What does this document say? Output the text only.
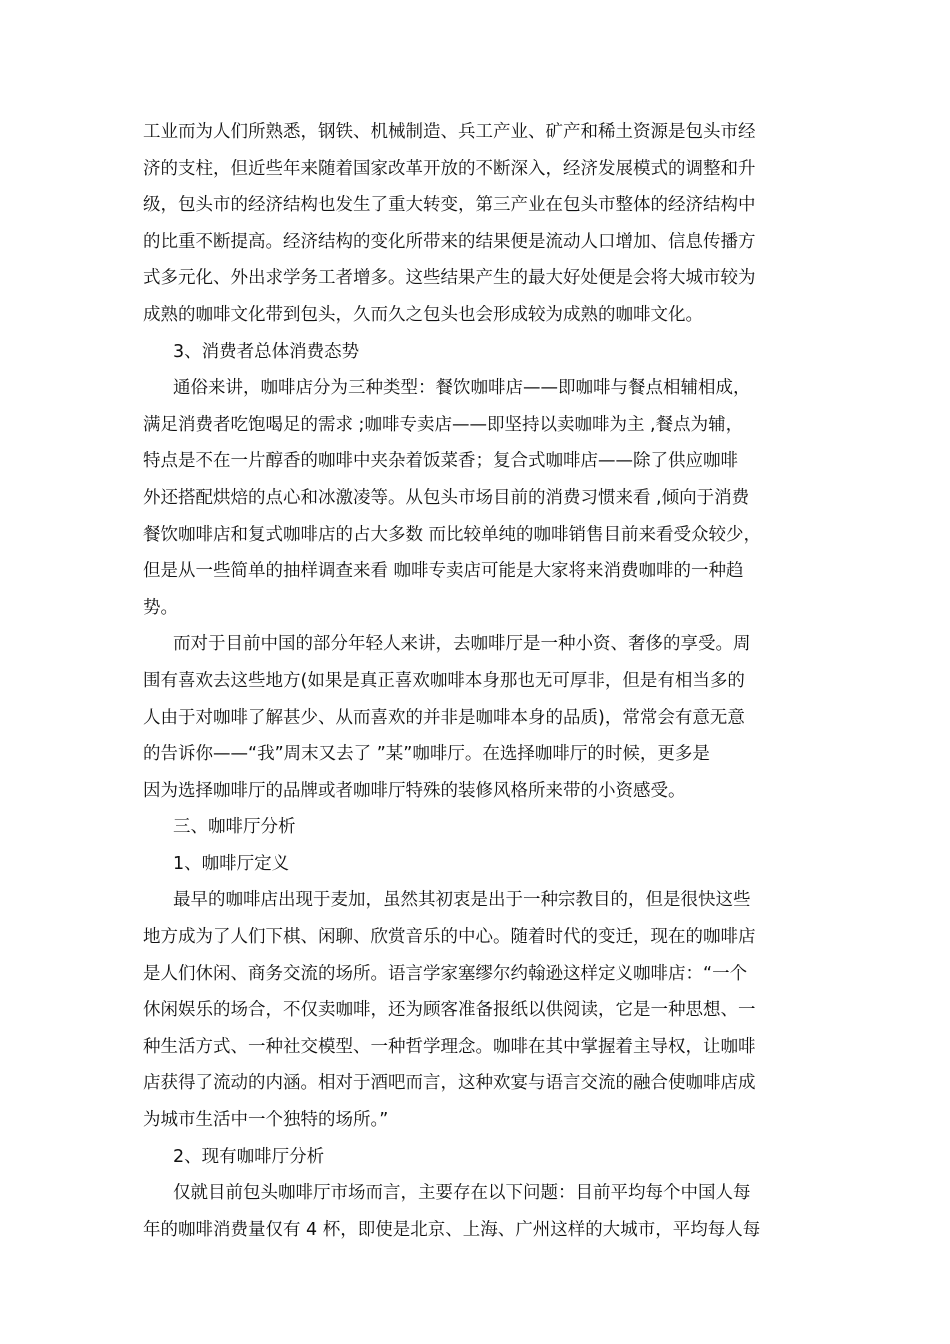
工业而为人们所熟悉，钢铁、机械制造、兵工产业、矿产和稀土资源是包头市经
济的支柱，但近些年来随着国家改革开放的不断深入，经济发展模式的调整和升
级，包头市的经济结构也发生了重大转变，第三产业在包头市整体的经济结构中
的比重不断提高。经济结构的变化所带来的结果便是流动人口增加、信息传播方
式多元化、外出求学务工者增多。这些结果产生的最大好处便是会将大城市较为
成熟的咖啡文化带到包头，久而久之包头也会形成较为成熟的咖啡文化。
3、消费者总体消费态势
通俗来讲，咖啡店分为三种类型：餐饮咖啡店——即咖啡与餐点相辅相成，
满足消费者吃饱喝足的需求 ;咖啡专卖店——即坚持以卖咖啡为主 ,餐点为辅，
特点是不在一片醇香的咖啡中夹杂着饭菜香；复合式咖啡店——除了供应咖啡
外还搭配烘焙的点心和冰激凌等。从包头市场目前的消费习惯来看 ,倾向于消费
餐饮咖啡店和复式咖啡店的占大多数 而比较单纯的咖啡销售目前来看受众较少，
但是从一些简单的抽样调查来看 咖啡专卖店可能是大家将来消费咖啡的一种趋
势。
而对于目前中国的部分年轻人来讲，去咖啡厅是一种小资、奢侈的享受。周
围有喜欢去这些地方(如果是真正喜欢咖啡本身那也无可厚非，但是有相当多的
人由于对咖啡了解甚少、从而喜欢的并非是咖啡本身的品质)，常常会有意无意
的告诉你——“我”周末又去了 ”某”咖啡厅。在选择咖啡厅的时候，更多是
因为选择咖啡厅的品牌或者咖啡厅特殊的装修风格所来带的小资感受。
三、咖啡厅分析
1、咖啡厅定义
最早的咖啡店出现于麦加，虽然其初衷是出于一种宗教目的，但是很快这些
地方成为了人们下棋、闲聊、欣赏音乐的中心。随着时代的变迁，现在的咖啡店
是人们休闲、商务交流的场所。语言学家塞缪尔约翰逊这样定义咖啡店：“一个
休闲娱乐的场合，不仅卖咖啡，还为顾客准备报纸以供阅读，它是一种思想、一
种生活方式、一种社交模型、一种哲学理念。咖啡在其中掌握着主导权，让咖啡
店获得了流动的内涵。相对于酒吧而言，这种欢宴与语言交流的融合使咖啡店成
为城市生活中一个独特的场所。”
2、现有咖啡厅分析
仅就目前包头咖啡厅市场而言，主要存在以下问题：目前平均每个中国人每
年的咖啡消费量仅有 4 杯，即使是北京、上海、广州这样的大城市，平均每人每
